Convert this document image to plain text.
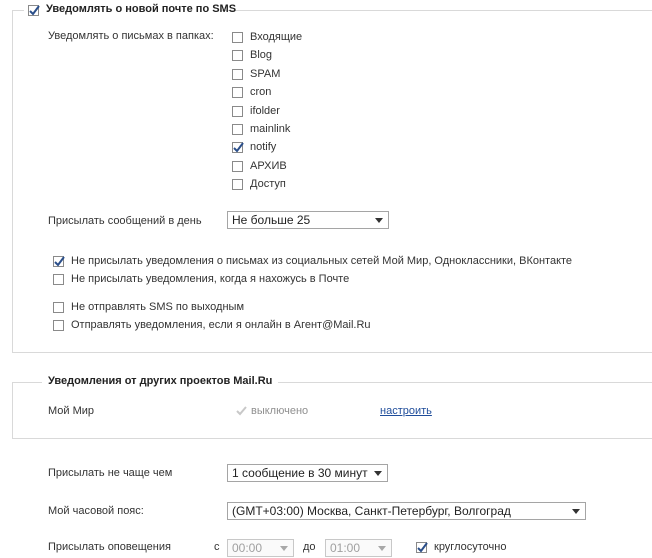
Уведомлять о новой почте по SMS
Уведомлять о письмах в папках:	Входящие
Blog
SPAM
cron
ifolder
mainlink
notify
АРХИВ
Доступ
Присылать сообщений в день	Не больше 25
Не присылать уведомления о письмах из социальных сетей Мой Мир, Одноклассники, ВКонтакте
Не присылать уведомления, когда я нахожусь в Почте
Не отправлять SMS по выходным
Отправлять уведомления, если я онлайн в Агент@Mail.Ru
Уведомления от других проектов Mail.Ru
Мой Мир	выключено	настроить
Присылать не чаще чем	1 сообщение в 30 минут
Мой часовой пояс:	(GMT+03:00) Москва, Санкт-Петербург, Волгоград
Присылать оповещения	с	00:00	до	01:00	круглосуточно
